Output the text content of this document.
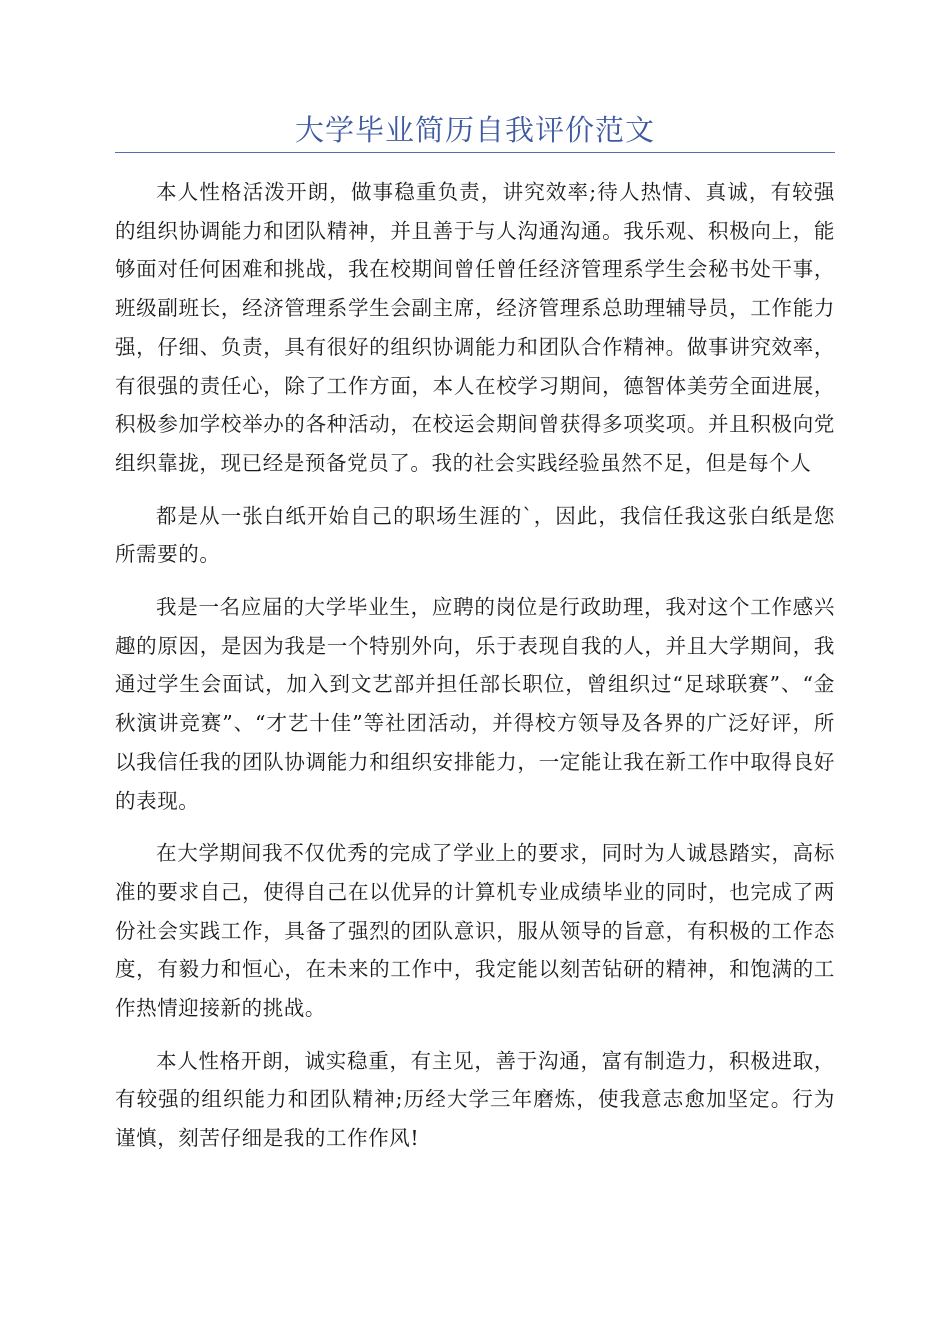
大学毕业简历自我评价范文

本人性格活泼开朗，做事稳重负责，讲究效率;待人热情、真诚，有较强的组织协调能力和团队精神，并且善于与人沟通沟通。我乐观、积极向上，能够面对任何困难和挑战，我在校期间曾任曾任经济管理系学生会秘书处干事，班级副班长，经济管理系学生会副主席，经济管理系总助理辅导员，工作能力强，仔细、负责，具有很好的组织协调能力和团队合作精神。做事讲究效率，有很强的责任心，除了工作方面，本人在校学习期间，德智体美劳全面进展，积极参加学校举办的各种活动，在校运会期间曾获得多项奖项。并且积极向党组织靠拢，现已经是预备党员了。我的社会实践经验虽然不足，但是每个人

都是从一张白纸开始自己的职场生涯的`，因此，我信任我这张白纸是您所需要的。

我是一名应届的大学毕业生，应聘的岗位是行政助理，我对这个工作感兴趣的原因，是因为我是一个特别外向，乐于表现自我的人，并且大学期间，我通过学生会面试，加入到文艺部并担任部长职位，曾组织过“足球联赛”、“金秋演讲竞赛”、“才艺十佳”等社团活动，并得校方领导及各界的广泛好评，所以我信任我的团队协调能力和组织安排能力，一定能让我在新工作中取得良好的表现。

在大学期间我不仅优秀的完成了学业上的要求，同时为人诚恳踏实，高标准的要求自己，使得自己在以优异的计算机专业成绩毕业的同时，也完成了两份社会实践工作，具备了强烈的团队意识，服从领导的旨意，有积极的工作态度，有毅力和恒心，在未来的工作中，我定能以刻苦钻研的精神，和饱满的工作热情迎接新的挑战。

本人性格开朗，诚实稳重，有主见，善于沟通，富有制造力，积极进取，有较强的组织能力和团队精神;历经大学三年磨炼，使我意志愈加坚定。行为谨慎，刻苦仔细是我的工作作风!
